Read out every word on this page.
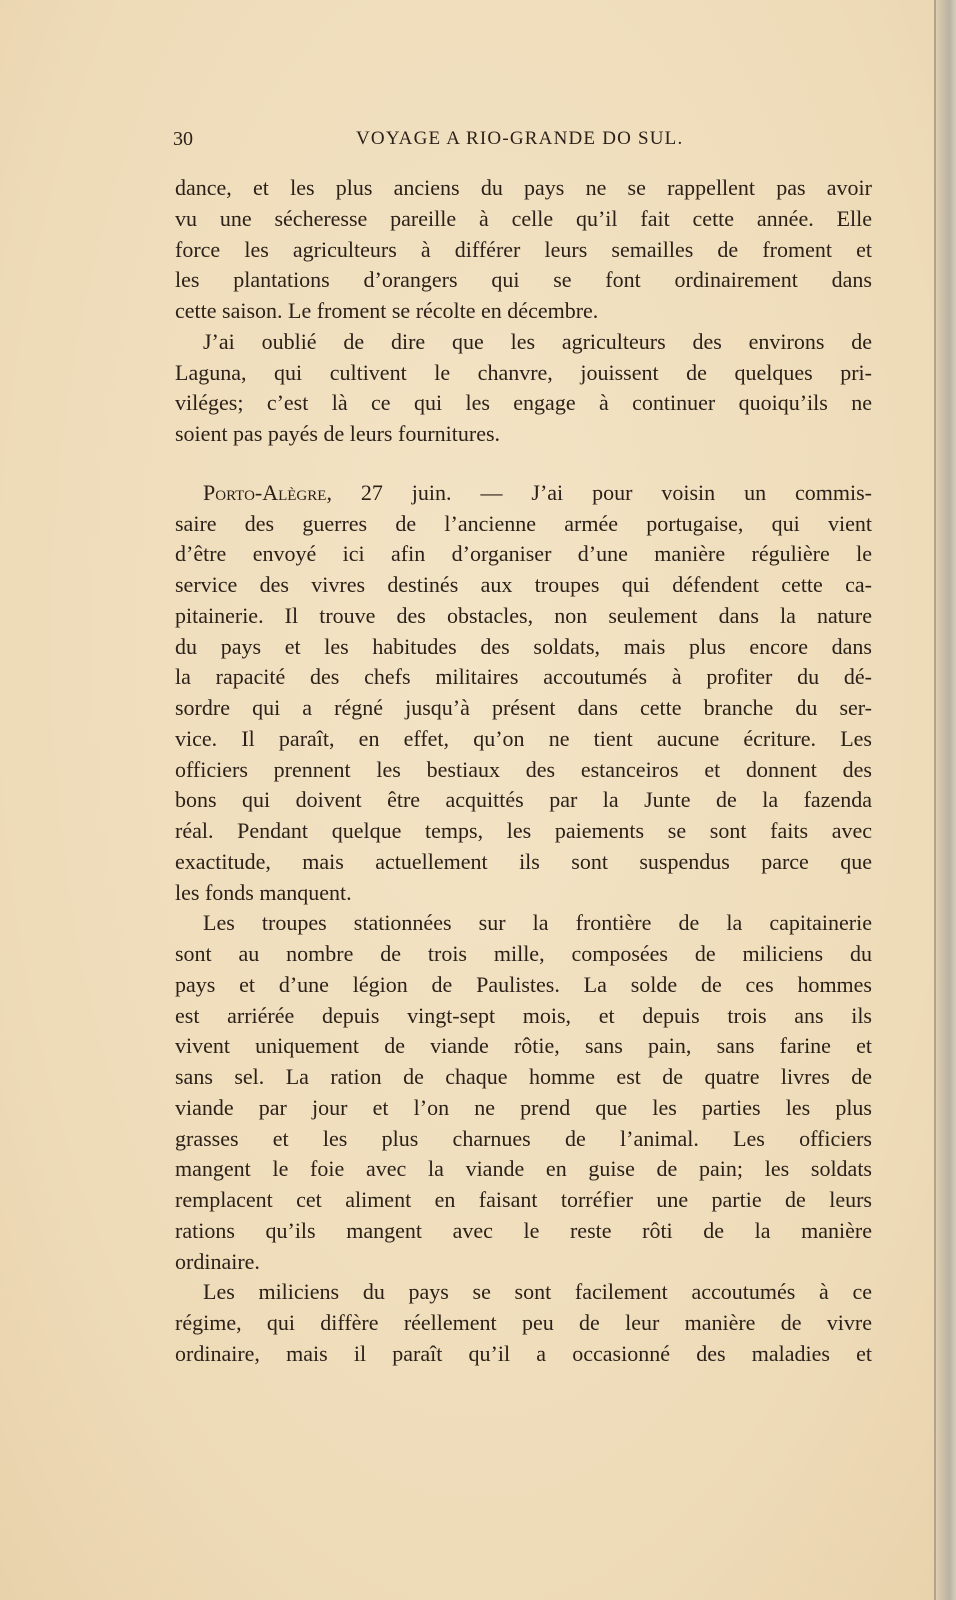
30	VOYAGE A RIO-GRANDE DO SUL.
dance, et les plus anciens du pays ne se rappellent pas avoir
vu une sécheresse pareille à celle qu’il fait cette année. Elle
force les agriculteurs à différer leurs semailles de froment et
les plantations d’orangers qui se font ordinairement dans
cette saison. Le froment se récolte en décembre.
J’ai oublié de dire que les agriculteurs des environs de
Laguna, qui cultivent le chanvre, jouissent de quelques pri-
viléges; c’est là ce qui les engage à continuer quoiqu’ils ne
soient pas payés de leurs fournitures.
Porto-Alègre, 27 juin. — J’ai pour voisin un commis-
saire des guerres de l’ancienne armée portugaise, qui vient
d’être envoyé ici afin d’organiser d’une manière régulière le
service des vivres destinés aux troupes qui défendent cette ca-
pitainerie. Il trouve des obstacles, non seulement dans la nature
du pays et les habitudes des soldats, mais plus encore dans
la rapacité des chefs militaires accoutumés à profiter du dé-
sordre qui a régné jusqu’à présent dans cette branche du ser-
vice. Il paraît, en effet, qu’on ne tient aucune écriture. Les
officiers prennent les bestiaux des estanceiros et donnent des
bons qui doivent être acquittés par la Junte de la fazenda
réal. Pendant quelque temps, les paiements se sont faits avec
exactitude, mais actuellement ils sont suspendus parce que
les fonds manquent.
Les troupes stationnées sur la frontière de la capitainerie
sont au nombre de trois mille, composées de miliciens du
pays et d’une légion de Paulistes. La solde de ces hommes
est arriérée depuis vingt-sept mois, et depuis trois ans ils
vivent uniquement de viande rôtie, sans pain, sans farine et
sans sel. La ration de chaque homme est de quatre livres de
viande par jour et l’on ne prend que les parties les plus
grasses et les plus charnues de l’animal. Les officiers
mangent le foie avec la viande en guise de pain; les soldats
remplacent cet aliment en faisant torréfier une partie de leurs
rations qu’ils mangent avec le reste rôti de la manière
ordinaire.
Les miliciens du pays se sont facilement accoutumés à ce
régime, qui diffère réellement peu de leur manière de vivre
ordinaire, mais il paraît qu’il a occasionné des maladies et
